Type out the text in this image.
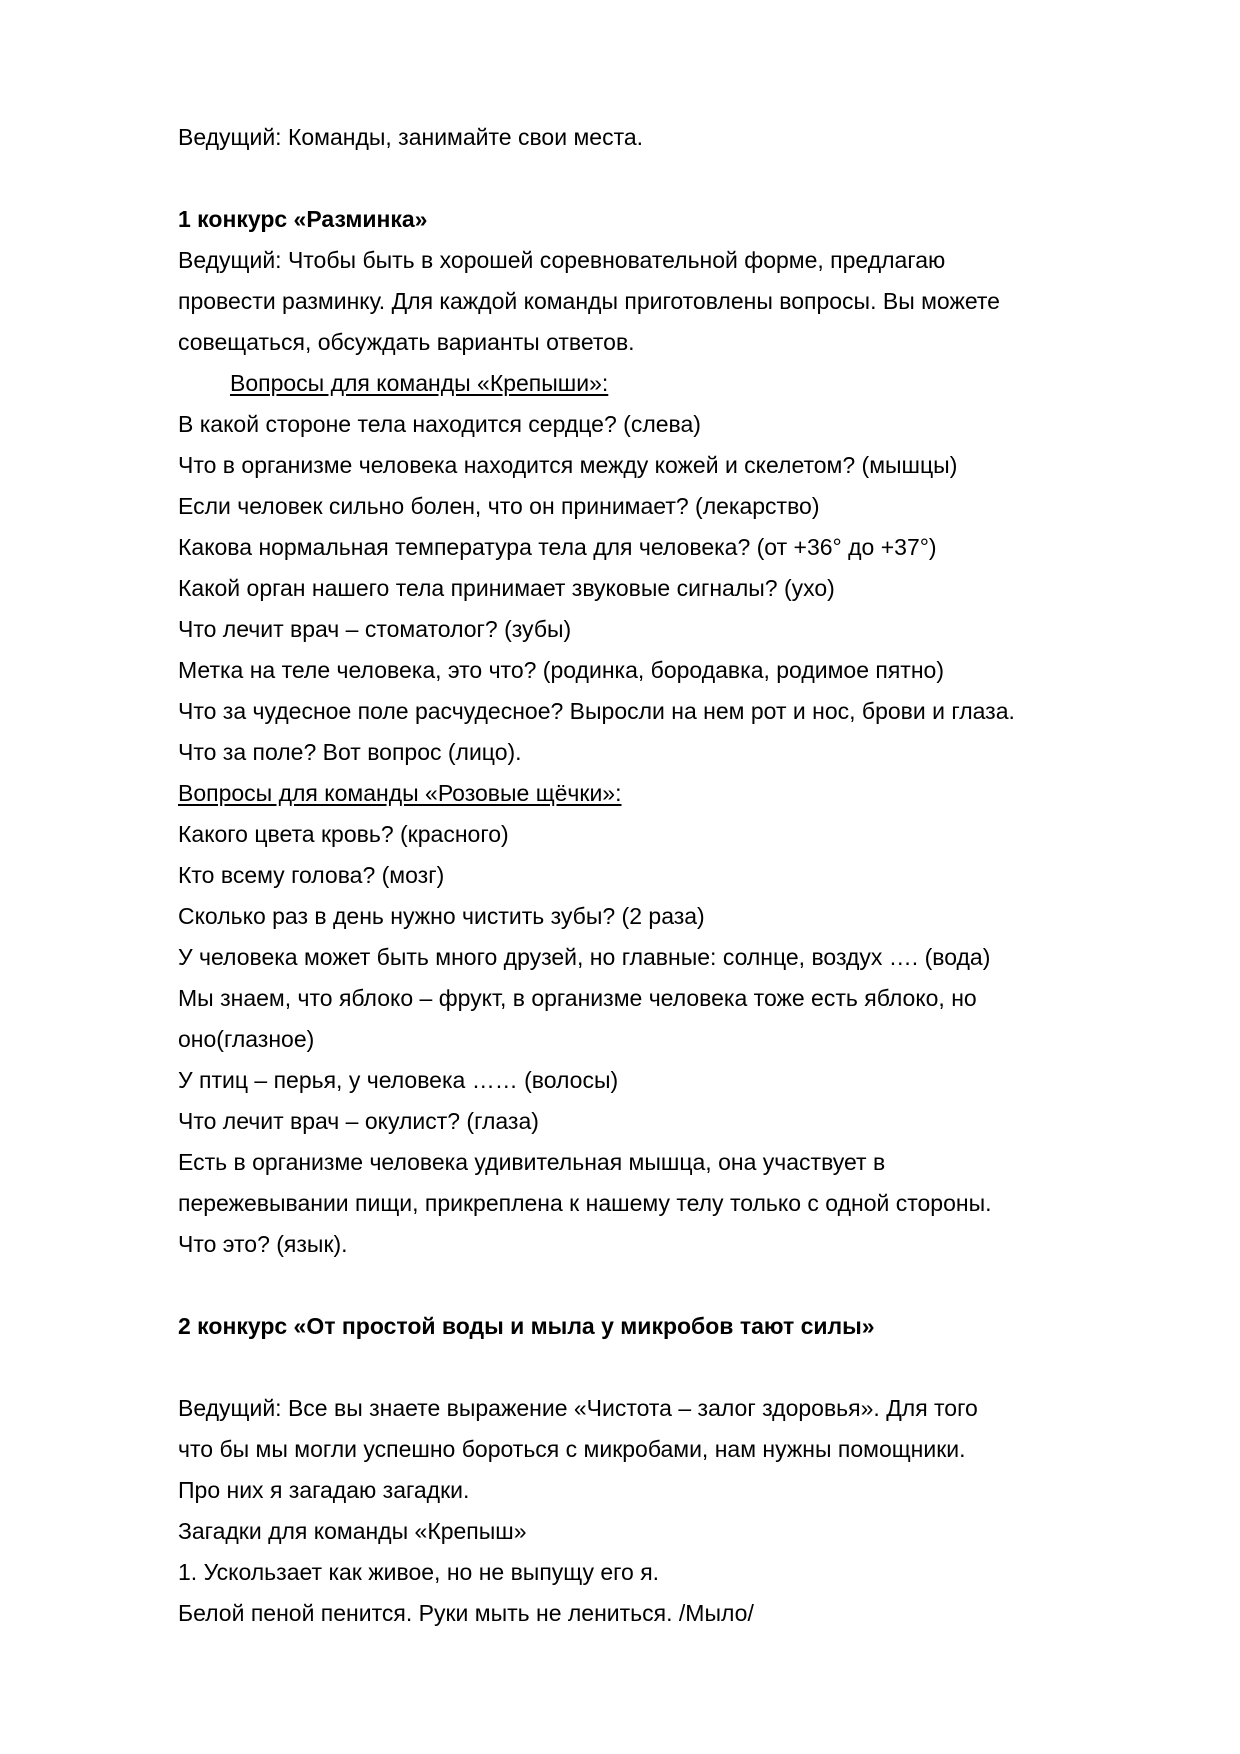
Ведущий: Команды, занимайте свои места.
1 конкурс «Разминка»
Ведущий: Чтобы быть в хорошей соревновательной форме, предлагаю
провести разминку. Для каждой команды приготовлены вопросы. Вы можете
совещаться, обсуждать варианты ответов.
Вопросы для команды «Крепыши»:
В какой стороне тела находится сердце? (слева)
Что в организме человека находится между кожей и скелетом? (мышцы)
Если человек сильно болен, что он принимает? (лекарство)
Какова нормальная температура тела для человека? (от +36° до +37°)
Какой орган нашего тела принимает звуковые сигналы? (ухо)
Что лечит врач – стоматолог? (зубы)
Метка на теле человека, это что? (родинка, бородавка, родимое пятно)
Что за чудесное поле расчудесное? Выросли на нем рот и нос, брови и глаза.
Что за поле? Вот вопрос (лицо).
Вопросы для команды «Розовые щёчки»:
Какого цвета кровь? (красного)
Кто всему голова? (мозг)
Сколько раз в день нужно чистить зубы? (2 раза)
У человека может быть много друзей, но главные: солнце, воздух …. (вода)
Мы знаем, что яблоко – фрукт, в организме человека тоже есть яблоко, но
оно(глазное)
У птиц – перья, у человека …… (волосы)
Что лечит врач – окулист? (глаза)
Есть в организме человека удивительная мышца, она участвует в
пережевывании пищи, прикреплена к нашему телу только с одной стороны.
Что это? (язык).
2 конкурс «От простой воды и мыла у микробов тают силы»
Ведущий: Все вы знаете выражение «Чистота – залог здоровья». Для того
что бы мы могли успешно бороться с микробами, нам нужны помощники.
Про них я загадаю загадки.
Загадки для команды «Крепыш»
1. Ускользает как живое, но не выпущу его я.
Белой пеной пенится. Руки мыть не лениться. /Мыло/
